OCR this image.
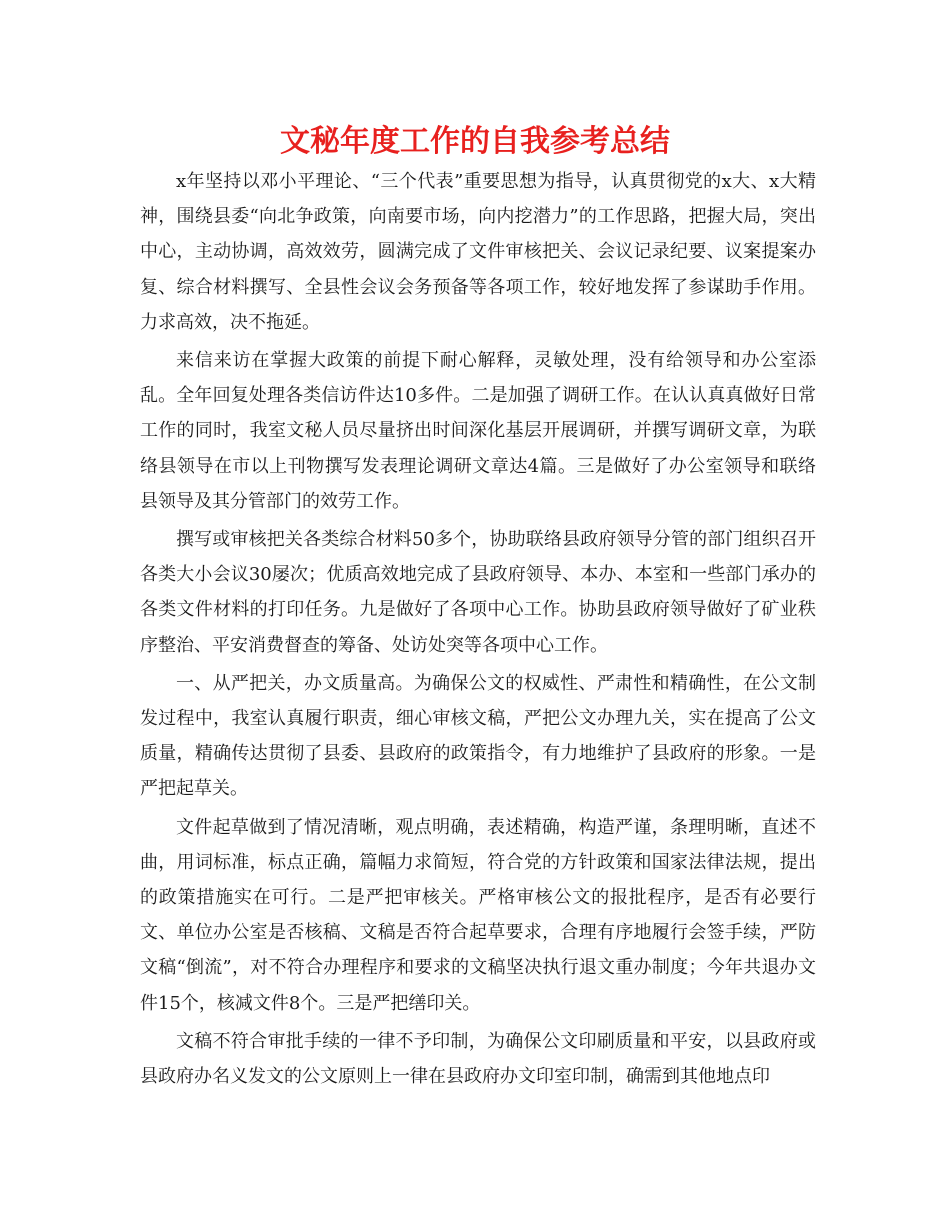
文秘年度工作的自我参考总结

x年坚持以邓小平理论、“三个代表”重要思想为指导，认真贯彻党的x大、x大精神，围绕县委“向北争政策，向南要市场，向内挖潜力”的工作思路，把握大局，突出中心，主动协调，高效效劳，圆满完成了文件审核把关、会议记录纪要、议案提案办复、综合材料撰写、全县性会议会务预备等各项工作，较好地发挥了参谋助手作用。力求高效，决不拖延。

来信来访在掌握大政策的前提下耐心解释，灵敏处理，没有给领导和办公室添乱。全年回复处理各类信访件达10多件。二是加强了调研工作。在认认真真做好日常工作的同时，我室文秘人员尽量挤出时间深化基层开展调研，并撰写调研文章，为联络县领导在市以上刊物撰写发表理论调研文章达4篇。三是做好了办公室领导和联络县领导及其分管部门的效劳工作。

撰写或审核把关各类综合材料50多个，协助联络县政府领导分管的部门组织召开各类大小会议30屡次；优质高效地完成了县政府领导、本办、本室和一些部门承办的各类文件材料的打印任务。九是做好了各项中心工作。协助县政府领导做好了矿业秩序整治、平安消费督查的筹备、处访处突等各项中心工作。

一、从严把关，办文质量高。为确保公文的权威性、严肃性和精确性，在公文制发过程中，我室认真履行职责，细心审核文稿，严把公文办理九关，实在提高了公文质量，精确传达贯彻了县委、县政府的政策指令，有力地维护了县政府的形象。一是严把起草关。

文件起草做到了情况清晰，观点明确，表述精确，构造严谨，条理明晰，直述不曲，用词标准，标点正确，篇幅力求简短，符合党的方针政策和国家法律法规，提出的政策措施实在可行。二是严把审核关。严格审核公文的报批程序，是否有必要行文、单位办公室是否核稿、文稿是否符合起草要求，合理有序地履行会签手续，严防文稿“倒流”，对不符合办理程序和要求的文稿坚决执行退文重办制度；今年共退办文件15个，核减文件8个。三是严把缮印关。

文稿不符合审批手续的一律不予印制，为确保公文印刷质量和平安，以县政府或县政府办名义发文的公文原则上一律在县政府办文印室印制，确需到其他地点印
